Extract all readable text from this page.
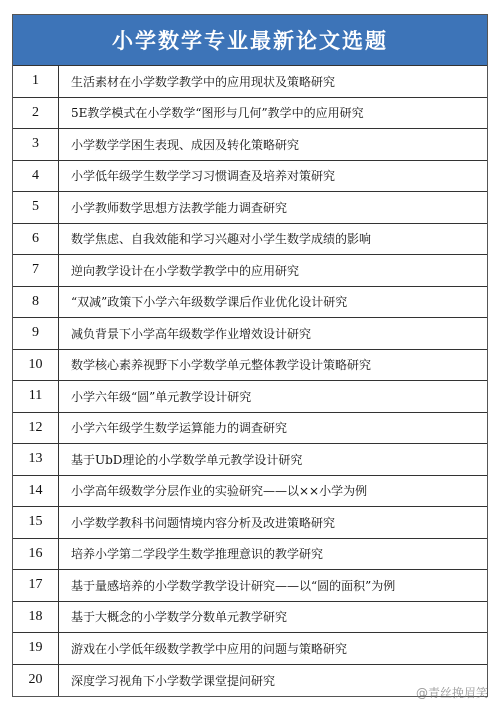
小学数学专业最新论文选题
1	生活素材在小学数学教学中的应用现状及策略研究
2	5E教学模式在小学数学“图形与几何”教学中的应用研究
3	小学数学学困生表现、成因及转化策略研究
4	小学低年级学生数学学习习惯调查及培养对策研究
5	小学教师数学思想方法教学能力调查研究
6	数学焦虑、自我效能和学习兴趣对小学生数学成绩的影响
7	逆向教学设计在小学数学教学中的应用研究
8	“双减”政策下小学六年级数学课后作业优化设计研究
9	减负背景下小学高年级数学作业增效设计研究
10	数学核心素养视野下小学数学单元整体教学设计策略研究
11	小学六年级“圆”单元教学设计研究
12	小学六年级学生数学运算能力的调查研究
13	基于UbD理论的小学数学单元教学设计研究
14	小学高年级数学分层作业的实验研究——以××小学为例
15	小学数学教科书问题情境内容分析及改进策略研究
16	培养小学第二学段学生数学推理意识的教学研究
17	基于量感培养的小学数学教学设计研究——以“圆的面积”为例
18	基于大概念的小学数学分数单元教学研究
19	游戏在小学低年级数学教学中应用的问题与策略研究
20	深度学习视角下小学数学课堂提问研究
@青丝挽眉笑
